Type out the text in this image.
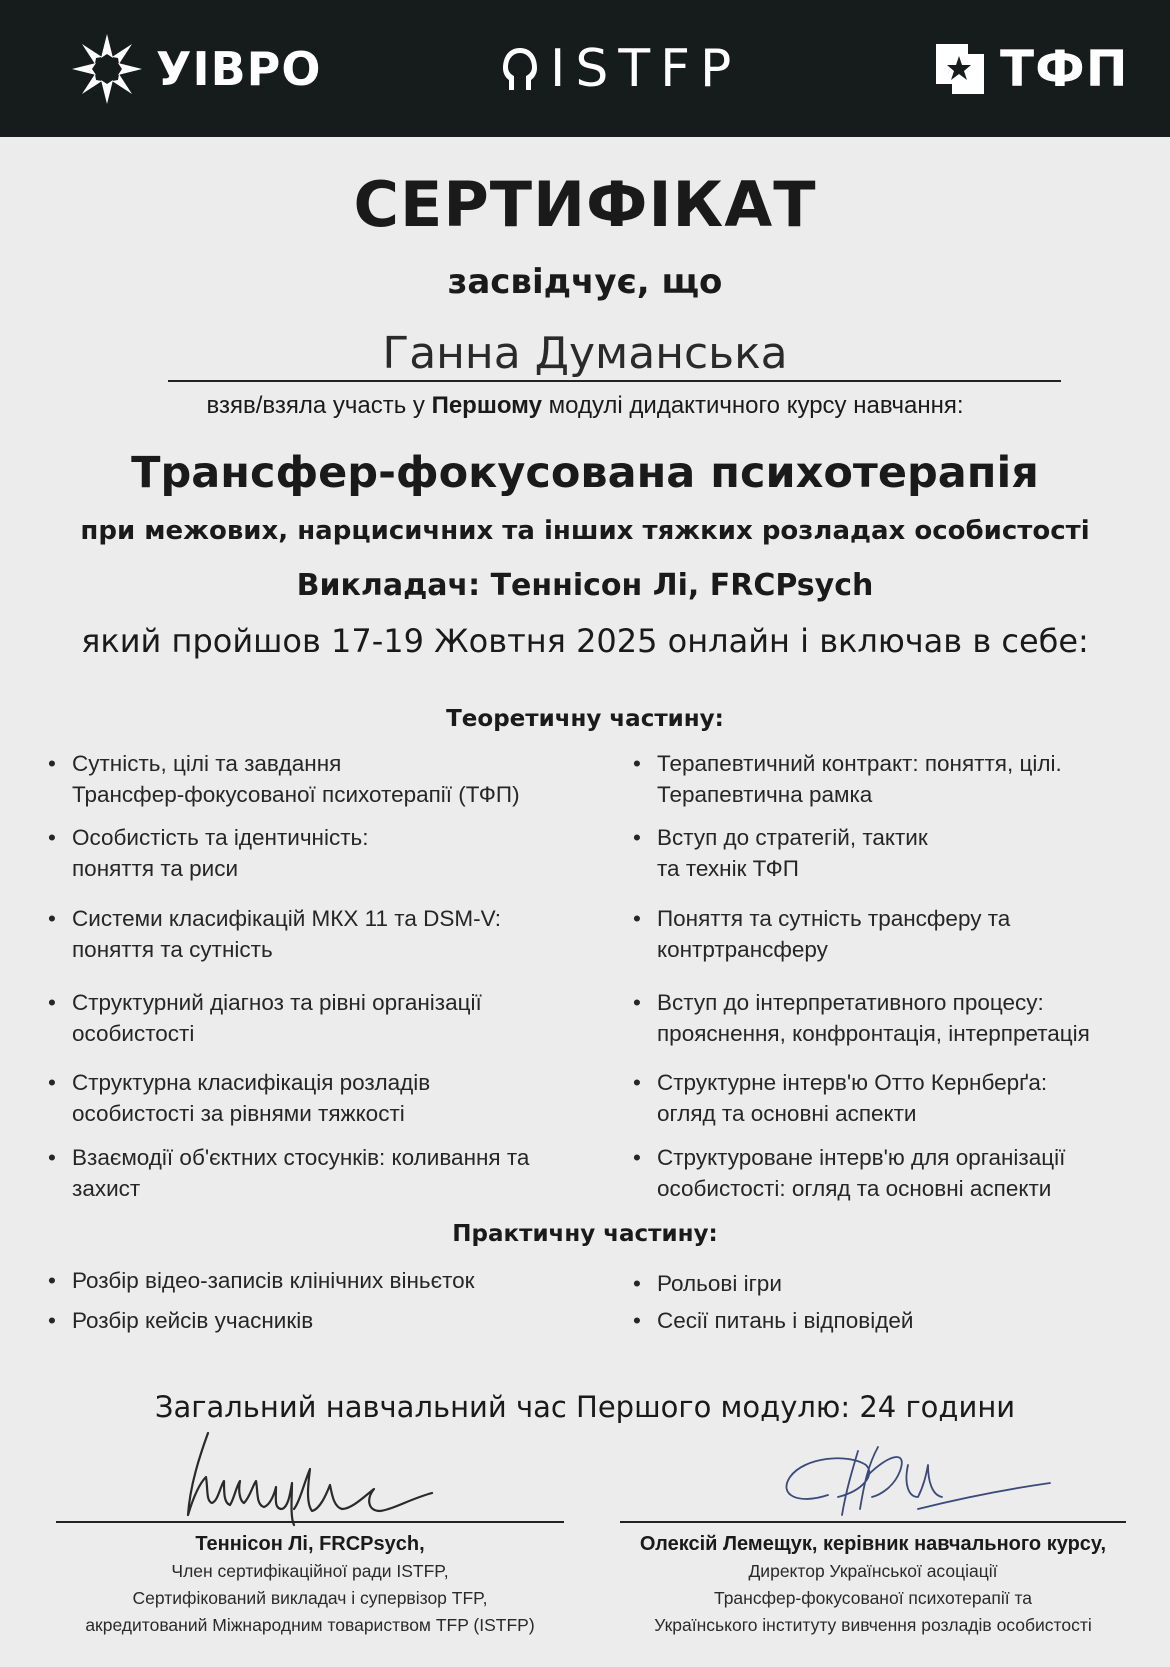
УІВРО	ISTFP	ТФП
СЕРТИФІКАТ
засвідчує, що
Ганна Думанська
взяв/взяла участь у Першому модулі дидактичного курсу навчання:
Трансфер-фокусована психотерапія
при межових, нарцисичних та інших тяжких розладах особистості
Викладач: Теннісон Лі, FRCPsych
який пройшов 17-19 Жовтня 2025 онлайн і включав в себе:
Теоретичну частину:
• Сутність, цілі та завдання
Трансфер-фокусованої психотерапії (ТФП)
• Особистість та ідентичність:
поняття та риси
• Системи класифікацій МКХ 11 та DSM-V:
поняття та сутність
• Структурний діагноз та рівні організації
особистості
• Структурна класифікація розладів
особистості за рівнями тяжкості
• Взаємодії об'єктних стосунків: коливання та
захист
• Терапевтичний контракт: поняття, цілі.
Терапевтична рамка
• Вступ до стратегій, тактик
та технік ТФП
• Поняття та сутність трансферу та
контртрансферу
• Вступ до інтерпретативного процесу:
прояснення, конфронтація, інтерпретація
• Структурне інтерв'ю Отто Кернберґа:
огляд та основні аспекти
• Структуроване інтерв'ю для організації
особистості: огляд та основні аспекти
• Розбір відео-записів клінічних віньєток
• Розбір кейсів учасників
• Рольові ігри
• Сесії питань і відповідей
Практичну частину:
Загальний навчальний час Першого модулю: 24 години
Теннісон Лі, FRCPsych,
Член сертифікаційної ради ISTFP,
Сертифікований викладач і супервізор TFP,
акредитований Міжнародним товариством TFP (ISTFP)
Олексій Лемещук, керівник навчального курсу,
Директор Української асоціації
Трансфер-фокусованої психотерапії та
Українського інституту вивчення розладів особистості
